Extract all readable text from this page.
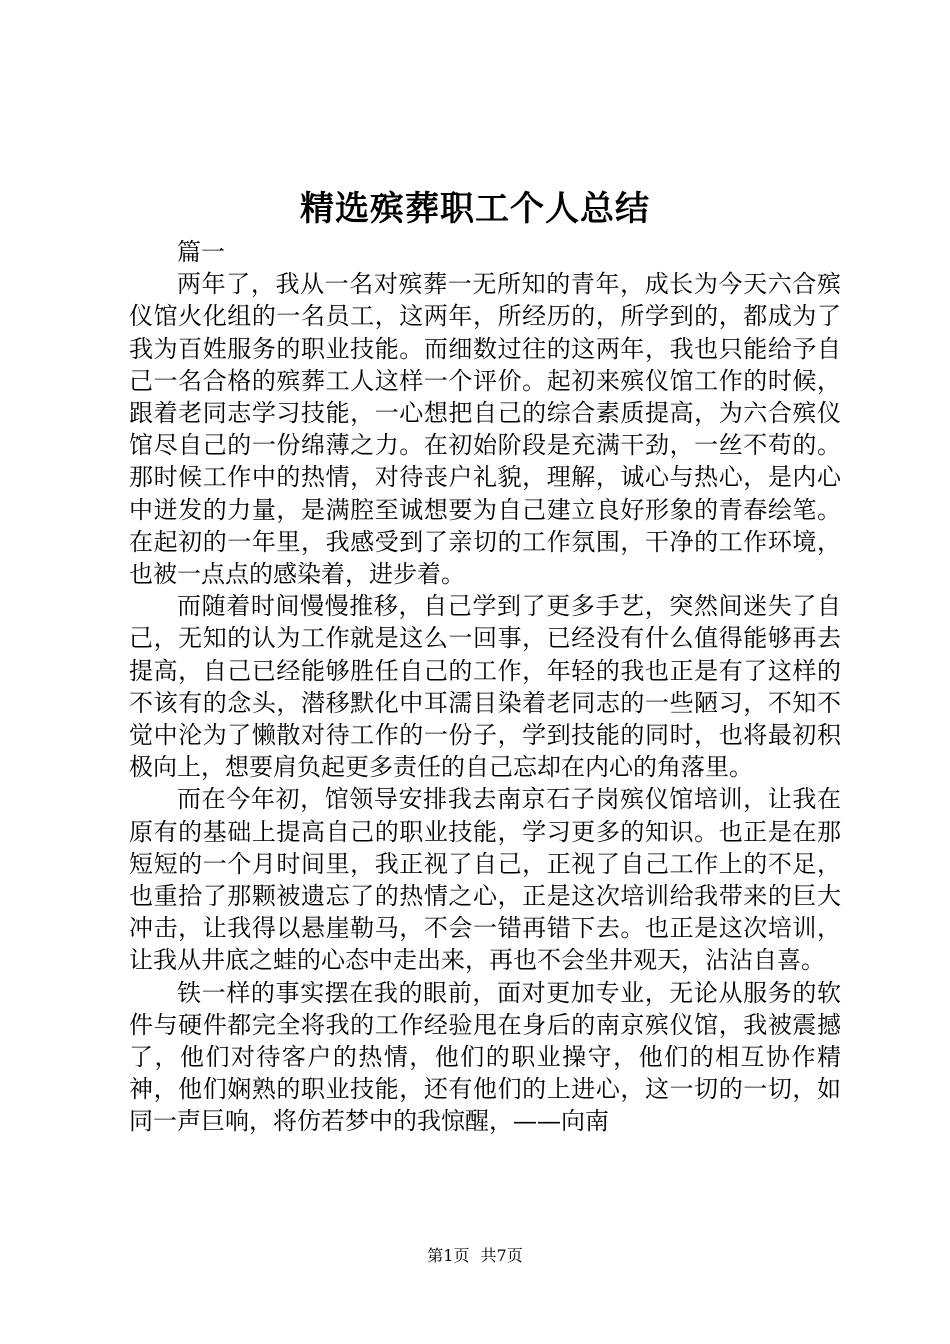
精选殡葬职工个人总结

篇一

两年了，我从一名对殡葬一无所知的青年，成长为今天六合殡仪馆火化组的一名员工，这两年，所经历的，所学到的，都成为了我为百姓服务的职业技能。而细数过往的这两年，我也只能给予自己一名合格的殡葬工人这样一个评价。起初来殡仪馆工作的时候，跟着老同志学习技能，一心想把自己的综合素质提高，为六合殡仪馆尽自己的一份绵薄之力。在初始阶段是充满干劲，一丝不苟的。那时候工作中的热情，对待丧户礼貌，理解，诚心与热心，是内心中迸发的力量，是满腔至诚想要为自己建立良好形象的青春绘笔。在起初的一年里，我感受到了亲切的工作氛围，干净的工作环境，也被一点点的感染着，进步着。

而随着时间慢慢推移，自己学到了更多手艺，突然间迷失了自己，无知的认为工作就是这么一回事，已经没有什么值得能够再去提高，自己已经能够胜任自己的工作，年轻的我也正是有了这样的不该有的念头，潜移默化中耳濡目染着老同志的一些陋习，不知不觉中沦为了懒散对待工作的一份子，学到技能的同时，也将最初积极向上，想要肩负起更多责任的自己忘却在内心的角落里。

而在今年初，馆领导安排我去南京石子岗殡仪馆培训，让我在原有的基础上提高自己的职业技能，学习更多的知识。也正是在那短短的一个月时间里，我正视了自己，正视了自己工作上的不足，也重拾了那颗被遗忘了的热情之心，正是这次培训给我带来的巨大冲击，让我得以悬崖勒马，不会一错再错下去。也正是这次培训，让我从井底之蛙的心态中走出来，再也不会坐井观天，沾沾自喜。

铁一样的事实摆在我的眼前，面对更加专业，无论从服务的软件与硬件都完全将我的工作经验甩在身后的南京殡仪馆，我被震撼了，他们对待客户的热情，他们的职业操守，他们的相互协作精神，他们娴熟的职业技能，还有他们的上进心，这一切的一切，如同一声巨响，将仿若梦中的我惊醒，——向南

第1页 共7页
